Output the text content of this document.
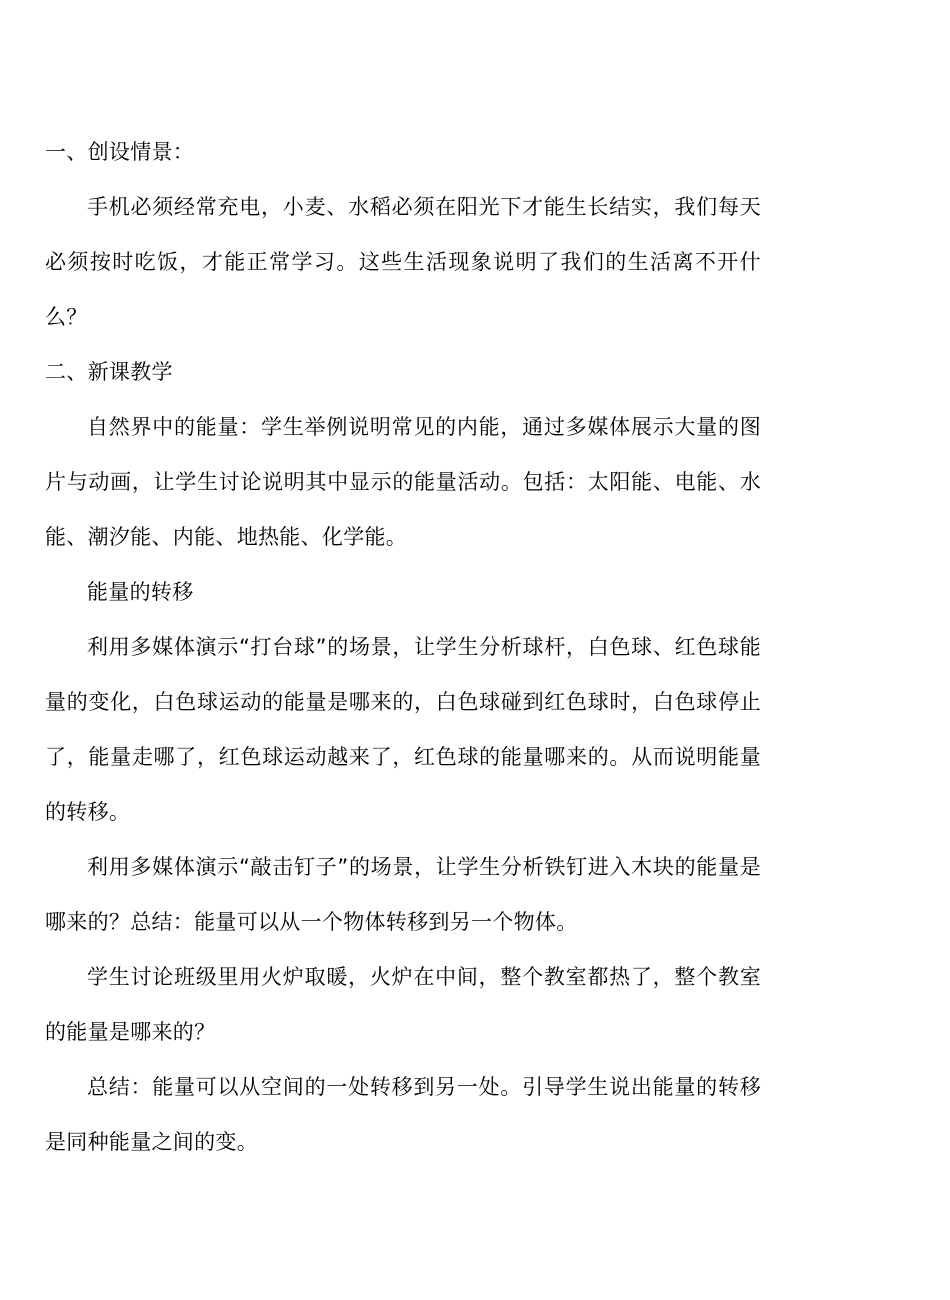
一、创设情景：

手机必须经常充电，小麦、水稻必须在阳光下才能生长结实，我们每天必须按时吃饭，才能正常学习。这些生活现象说明了我们的生活离不开什么？

二、新课教学

自然界中的能量：学生举例说明常见的内能，通过多媒体展示大量的图片与动画，让学生讨论说明其中显示的能量活动。包括：太阳能、电能、水能、潮汐能、内能、地热能、化学能。

能量的转移

利用多媒体演示“打台球”的场景，让学生分析球杆，白色球、红色球能量的变化，白色球运动的能量是哪来的，白色球碰到红色球时，白色球停止了，能量走哪了，红色球运动越来了，红色球的能量哪来的。从而说明能量的转移。

利用多媒体演示“敲击钉子”的场景，让学生分析铁钉进入木块的能量是哪来的？总结：能量可以从一个物体转移到另一个物体。

学生讨论班级里用火炉取暖，火炉在中间，整个教室都热了，整个教室的能量是哪来的？

总结：能量可以从空间的一处转移到另一处。引导学生说出能量的转移是同种能量之间的变。
